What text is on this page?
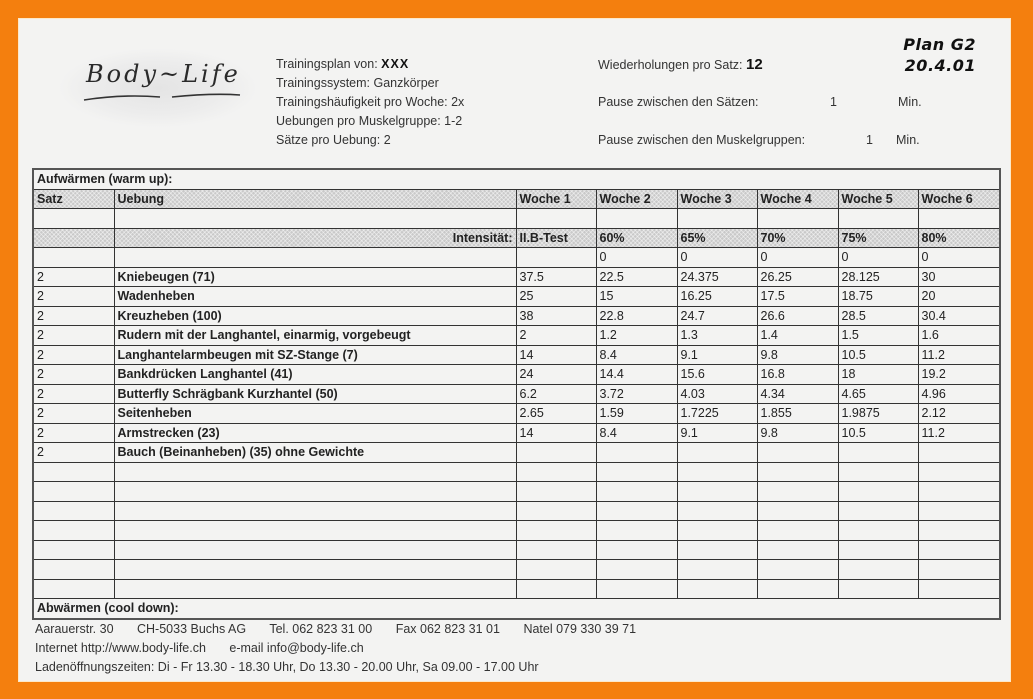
Body~Life	Trainingsplan von: XXX
Trainingssystem: Ganzkörper
Trainingshäufigkeit pro Woche: 2x
Uebungen pro Muskelgruppe: 1-2
Sätze pro Uebung: 2
Wiederholungen pro Satz: 12
Pause zwischen den Sätzen:	1	Min.
Pause zwischen den Muskelgruppen:	1 Min.
Plan G2
20.4.01
Aufwärmen (warm up):							
Satz	Uebung	Woche 1	Woche 2	Woche 3	Woche 4	Woche 5	Woche 6

	Intensität:	II.B-Test	60%	65%	70%	75%	80%
			0	0	0	0	0
2	Kniebeugen (71)	37.5	22.5	24.375	26.25	28.125	30
2	Wadenheben	25	15	16.25	17.5	18.75	20
2	Kreuzheben (100)	38	22.8	24.7	26.6	28.5	30.4
2	Rudern mit der Langhantel, einarmig, vorgebeugt	2	1.2	1.3	1.4	1.5	1.6
2	Langhantelarmbeugen mit SZ-Stange (7)	14	8.4	9.1	9.8	10.5	11.2
2	Bankdrücken Langhantel (41)	24	14.4	15.6	16.8	18	19.2
2	Butterfly Schrägbank Kurzhantel (50)	6.2	3.72	4.03	4.34	4.65	4.96
2	Seitenheben	2.65	1.59	1.7225	1.855	1.9875	2.12
2	Armstrecken (23)	14	8.4	9.1	9.8	10.5	11.2
2	Bauch (Beinanheben) (35) ohne Gewichte						

Abwärmen (cool down):							
Aarauerstr. 30 CH-5033 Buchs AG Tel. 062 823 31 00 Fax 062 823 31 01 Natel 079 330 39 71
Internet http://www.body-life.ch e-mail info@body-life.ch
Ladenöffnungszeiten: Di - Fr 13.30 - 18.30 Uhr, Do 13.30 - 20.00 Uhr, Sa 09.00 - 17.00 Uhr
